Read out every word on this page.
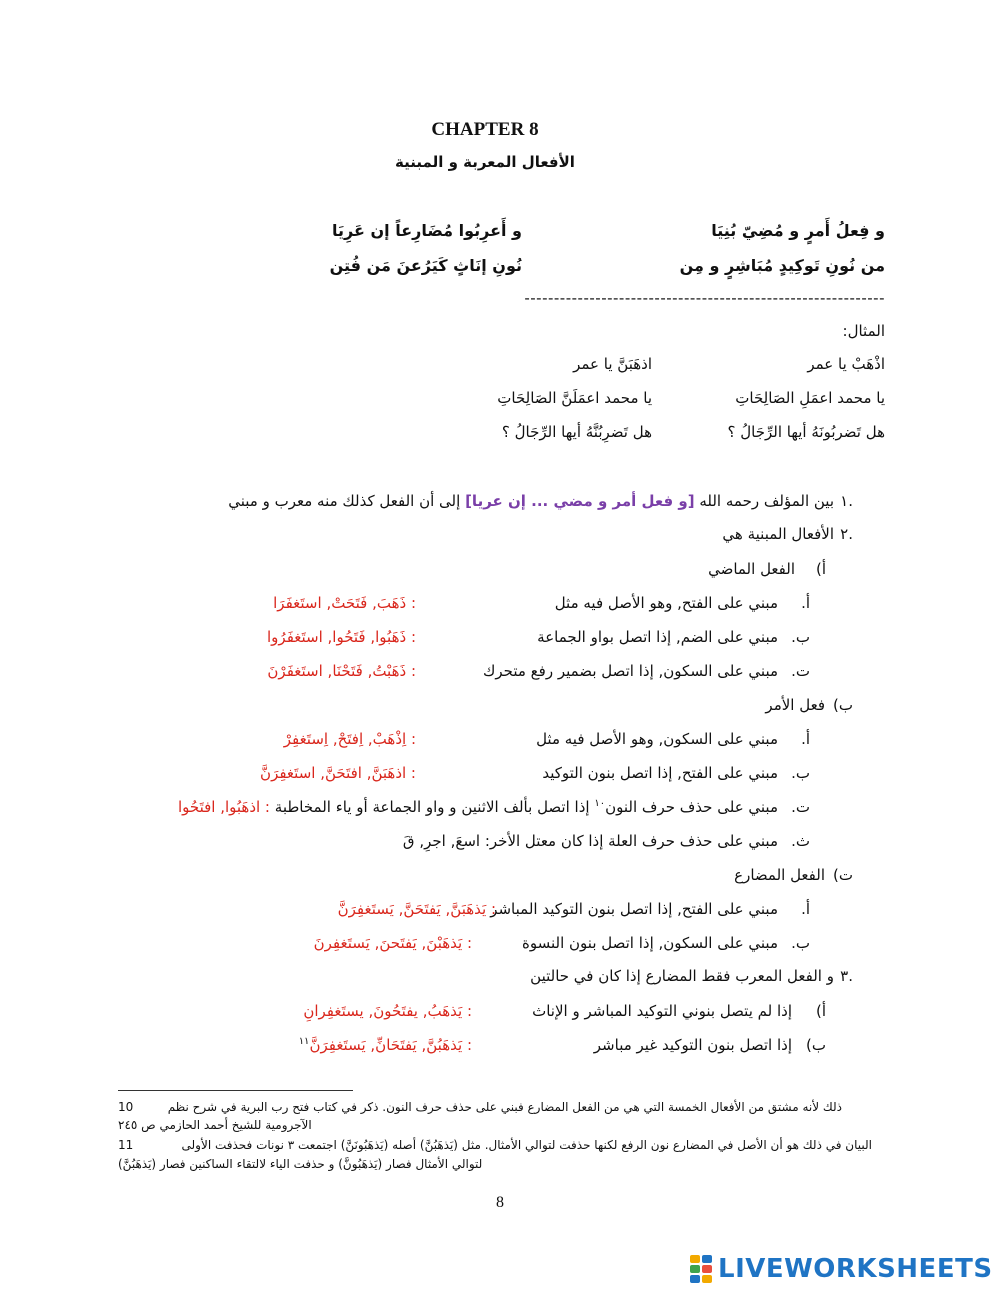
CHAPTER 8
الأفعال المعربة و المبنية
و فِعلُ أَمرٍ و مُضِيّ بُنِيَا
و أَعرِبُوا مُضَارِعاً إن عَرِيَا
من نُونِ تَوكِيدٍ مُبَاشِرٍ و مِن
نُونِ إنَاثٍ كَيَرُعنَ مَن فُتِن
-------------------------------------------------------------
المثال:
اذْهَبْ يا عمر
اذهَبَنَّ يا عمر
يا محمد اعمَلِ الصَالِحَاتِ
يا محمد اعمَلَنَّ الصَالِحَاتِ
هل تَضربُونَهُ أيها الرِّجَالُ ؟
هل تَضرِبُنَّهُ أيها الرِّجَالُ ؟
١.
بين المؤلف رحمه الله [و فعل أمر و مضي ... إن عريا] إلى أن الفعل كذلك منه معرب و مبني
٢.
الأفعال المبنية هي
أ)
الفعل الماضي
أ.
مبني على الفتح, وهو الأصل فيه مثل
: ذَهَبَ, فَتَحَتْ, استَغفَرَا
ب.
مبني على الضم, إذا اتصل بواو الجماعة
: ذَهَبُوا, فَتَحُوا, استَغفَرُوا
ت.
مبني على السكون, إذا اتصل بضمير رفع متحرك
: ذَهَبْتُ, فَتَحْنَا, استَغفَرْنَ
ب)
فعل الأمر
أ.
مبني على السكون, وهو الأصل فيه مثل
: اِذْهَبْ, اِفتَحْ, اِستَغفِرْ
ب.
مبني على الفتح, إذا اتصل بنون التوكيد
: اذهَبَنَّ, افتَحَنَّ, استَغفِرَنَّ
ت.
مبني على حذف حرف النون$^{١٠}$ إذا اتصل بألف الاثنين و واو الجماعة أو ياء المخاطبة : اذهَبُوا, افتَحُوا
ث.
مبني على حذف حرف العلة إذا كان معتل الأخر: اسعَ, اجرِ, قَ
ت)
الفعل المضارع
أ.
مبني على الفتح, إذا اتصل بنون التوكيد المباشر
: يَذهَبَنَّ, يَفتَحَنَّ, يَستَغفِرَنَّ
ب.
مبني على السكون, إذا اتصل بنون النسوة
: يَذهَبْنَ, يَفتَحنَ, يَستَغفِرنَ
٣.
و الفعل المعرب فقط المضارع إذا كان في حالتين
أ)
إذا لم يتصل بنوني التوكيد المباشر و الإناث
: يَذهَبُ, يفتَحُونَ, يستَغفِرانِ
ب)
إذا اتصل بنون التوكيد غير مباشر
: يَذهَبُنَّ, يَفتَحَانِّ, يَستَغفِرَنَّ$^{١١}$
10	ذلك لأنه مشتق من الأفعال الخمسة التي هي من الفعل المضارع فبني على حذف حرف النون. ذكر في كتاب فتح رب البرية في شرح نظم
الآجرومية للشيخ أحمد الحازمي ص ٢٤٥
11	البيان في ذلك هو أن الأصل في المضارع نون الرفع لكنها حذفت لتوالي الأمثال. مثل (يَذهَبُنَّ) أصله (يَذهَبُونَنَّ) اجتمعت ٣ نونات فحذفت الأولى
لتوالي الأمثال فصار (يَذهَبُونَّ) و حذفت الياء لالتقاء الساكنين فصار (يَذهَبُنَّ)
8
LIVEWORKSHEETS
